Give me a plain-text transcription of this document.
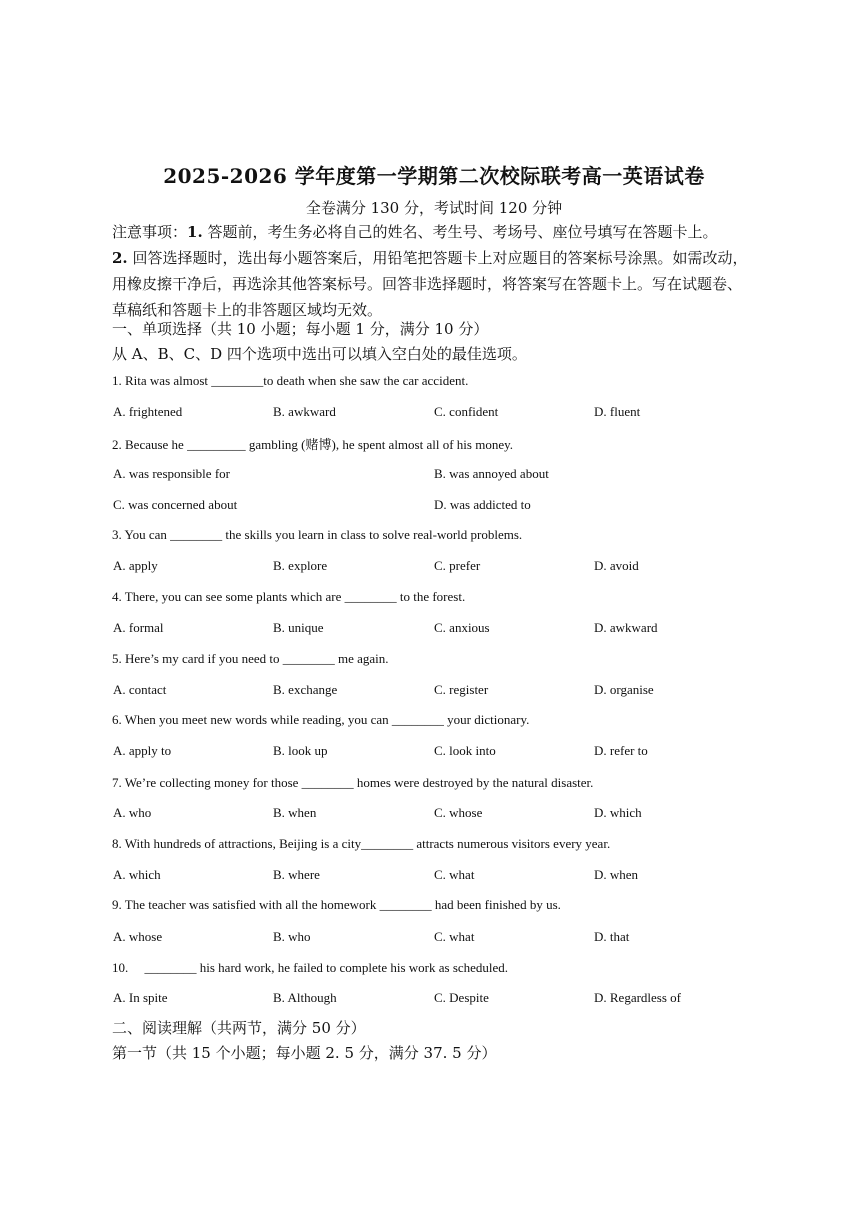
2025-2026 学年度第一学期第二次校际联考高一英语试卷
全卷满分 130 分，考试时间 120 分钟

注意事项：1. 答题前，考生务必将自己的姓名、考生号、考场号、座位号填写在答题卡上。

2. 回答选择题时，选出每小题答案后，用铅笔把答题卡上对应题目的答案标号涂黑。如需改动，用橡皮擦干净后，再选涂其他答案标号。回答非选择题时，将答案写在答题卡上。写在试题卷、草稿纸和答题卡上的非答题区域均无效。

一、单项选择（共 10 小题；每小题 1 分，满分 10 分）
从 A、B、C、D 四个选项中选出可以填入空白处的最佳选项。
1. Rita was almost ________to death when she saw the car accident.
A. frightened	B. awkward	C. confident	D. fluent
2. Because he _________ gambling (赌博), he spent almost all of his money.
A. was responsible for	B. was annoyed about
C. was concerned about	D. was addicted to
3. You can ________ the skills you learn in class to solve real-world problems.
A. apply	B. explore	C. prefer	D. avoid
4. There, you can see some plants which are ________ to the forest.
A. formal	B. unique	C. anxious	D. awkward
5. Here’s my card if you need to ________ me again.
A. contact	B. exchange	C. register	D. organise
6. When you meet new words while reading, you can ________ your dictionary.
A. apply to	B. look up	C. look into	D. refer to
7. We’re collecting money for those ________ homes were destroyed by the natural disaster.
A. who	B. when	C. whose	D. which
8. With hundreds of attractions, Beijing is a city________ attracts numerous visitors every year.
A. which	B. where	C. what	D. when
9. The teacher was satisfied with all the homework ________ had been finished by us.
A. whose	B. who	C. what	D. that
10.     ________ his hard work, he failed to complete his work as scheduled.
A. In spite	B. Although	C. Despite	D. Regardless of
二、阅读理解（共两节，满分 50 分）
第一节（共 15 个小题；每小题 2. 5 分，满分 37. 5 分）
